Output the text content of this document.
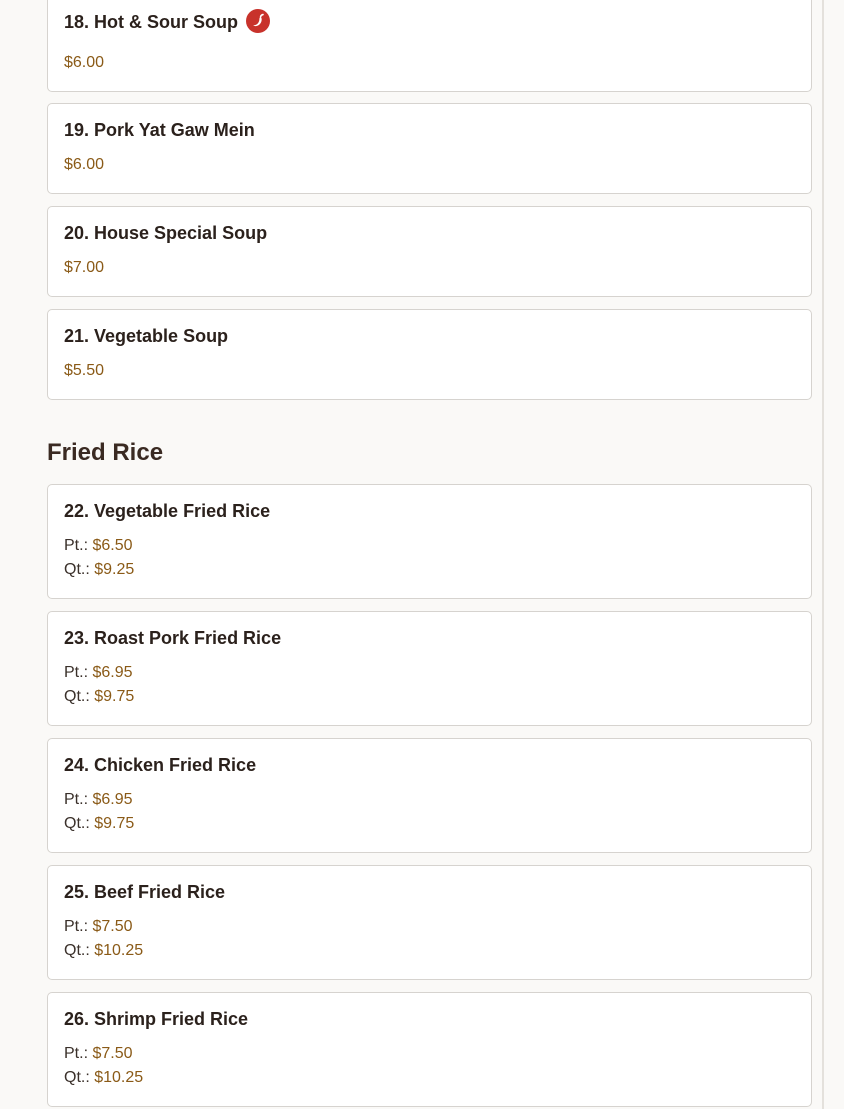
18. Hot & Sour Soup
$6.00
19. Pork Yat Gaw Mein
$6.00
20. House Special Soup
$7.00
21. Vegetable Soup
$5.50
Fried Rice
22. Vegetable Fried Rice
Pt.: $6.50
Qt.: $9.25
23. Roast Pork Fried Rice
Pt.: $6.95
Qt.: $9.75
24. Chicken Fried Rice
Pt.: $6.95
Qt.: $9.75
25. Beef Fried Rice
Pt.: $7.50
Qt.: $10.25
26. Shrimp Fried Rice
Pt.: $7.50
Qt.: $10.25
